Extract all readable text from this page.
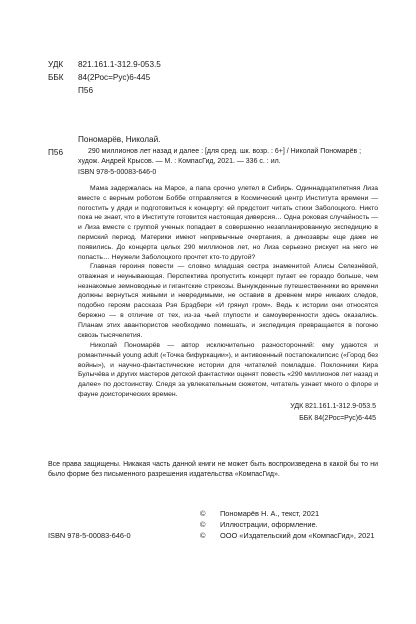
УДК 821.161.1-312.9-053.5
ББК 84(2Рос=Рус)6-445
П56
П56
Пономарёв, Николай.
290 миллионов лет назад и далее : [для сред. шк. возр. : 6+] / Николай Пономарёв ; худож. Андрей Крысов. — М. : КомпасГид, 2021. — 336 с. : ил.
ISBN 978-5-00083-646-0

Мама задержалась на Марсе, а папа срочно улетел в Сибирь. Одиннадцатилетняя Лиза вместе с верным роботом Боббе отправляется в Космический центр Института времени — погостить у дяди и подготовиться к концерту: ей предстоит читать стихи Заболоцкого. Никто пока не знает, что в Институте готовится настоящая диверсия… Одна роковая случайность — и Лиза вместе с группой ученых попадает в совершенно незапланированную экспедицию в пермский период. Материки имеют непривычные очертания, а динозавры еще даже не появились. До концерта целых 290 миллионов лет, но Лиза серьезно рискует на него не попасть… Неужели Заболоцкого прочтет кто-то другой?

Главная героиня повести — словно младшая сестра знаменитой Алисы Селезнёвой, отважная и неунывающая. Перспектива пропустить концерт пугает ее гораздо больше, чем незнакомые земноводные и гигантские стрекозы. Вынужденные путешественники во времени должны вернуться живыми и невредимыми, не оставив в древнем мире никаких следов, подобно героям рассказа Рэя Брэдбери «И грянул гром». Ведь к истории они относятся бережно — в отличие от тех, из-за чьей глупости и самоуверенности здесь оказались. Планам этих авантюристов необходимо помешать, и экспедиция превращается в погоню сквозь тысячелетия.

Николай Пономарёв — автор исключительно разносторонний: ему удаются и романтичный young adult («Точка бифуркации»), и антивоенный постапокалипсис («Город без войны»), и научно-фантастические истории для читателей помладше. Поклонники Кира Булычёва и других мастеров детской фантастики оценят повесть «290 миллионов лет назад и далее» по достоинству. Следя за увлекательным сюжетом, читатель узнает много о флоре и фауне доисторических времен.

УДК 821.161.1-312.9-053.5
ББК 84(2Рос=Рус)6-445

Все права защищены. Никакая часть данной книги не может быть воспроизведена в какой бы то ни было форме без письменного разрешения издательства «КомпасГид».

ISBN 978-5-00083-646-0
© Пономарёв Н. А., текст, 2021
© Иллюстрации, оформление.
© ООО «Издательский дом «КомпасГид», 2021
